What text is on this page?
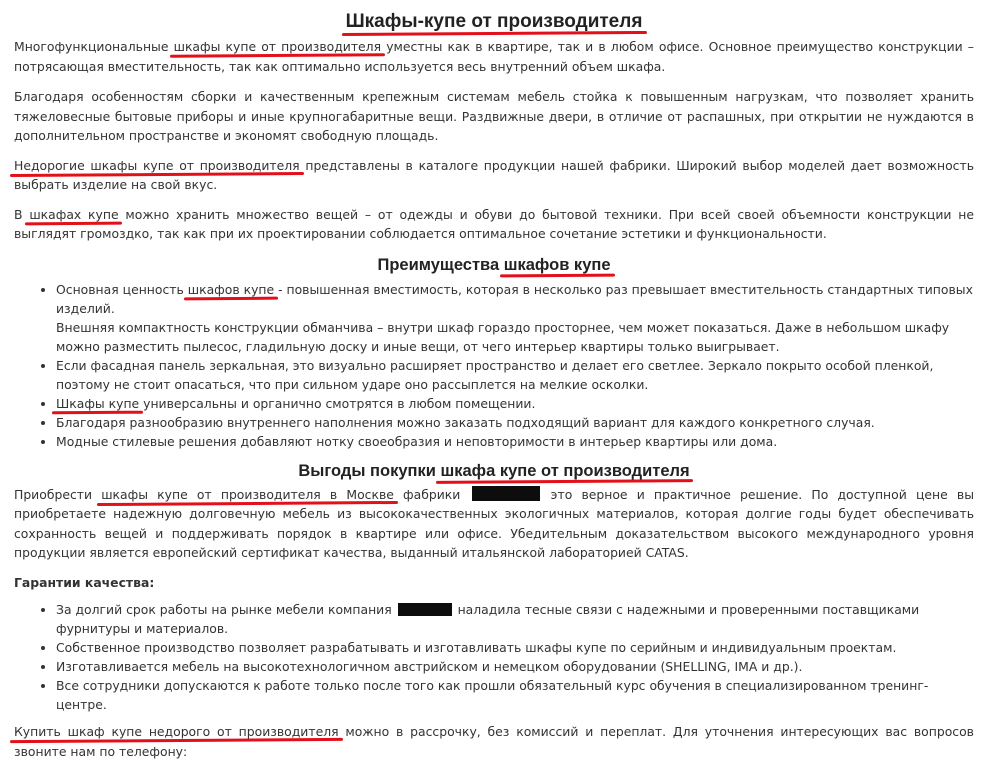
Шкафы-купе от производителя

Многофункциональные шкафы купе от производителя уместны как в квартире, так и в любом офисе. Основное преимущество конструкции – потрясающая вместительность, так как оптимально используется весь внутренний объем шкафа.

Благодаря особенностям сборки и качественным крепежным системам мебель стойка к повышенным нагрузкам, что позволяет хранить тяжеловесные бытовые приборы и иные крупногабаритные вещи. Раздвижные двери, в отличие от распашных, при открытии не нуждаются в дополнительном пространстве и экономят свободную площадь.

Недорогие шкафы купе от производителя представлены в каталоге продукции нашей фабрики. Широкий выбор моделей дает возможность выбрать изделие на свой вкус.

В шкафах купе можно хранить множество вещей – от одежды и обуви до бытовой техники. При всей своей объемности конструкции не выглядят громоздко, так как при их проектировании соблюдается оптимальное сочетание эстетики и функциональности.

Преимущества шкафов купе
• Основная ценность шкафов купе - повышенная вместимость, которая в несколько раз превышает вместительность стандартных типовых изделий.
Внешняя компактность конструкции обманчива – внутри шкаф гораздо просторнее, чем может показаться. Даже в небольшом шкафу можно разместить пылесос, гладильную доску и иные вещи, от чего интерьер квартиры только выигрывает.
• Если фасадная панель зеркальная, это визуально расширяет пространство и делает его светлее. Зеркало покрыто особой пленкой, поэтому не стоит опасаться, что при сильном ударе оно рассыплется на мелкие осколки.
• Шкафы купе универсальны и органично смотрятся в любом помещении.
• Благодаря разнообразию внутреннего наполнения можно заказать подходящий вариант для каждого конкретного случая.
• Модные стилевые решения добавляют нотку своеобразия и неповторимости в интерьер квартиры или дома.
Выгоды покупки шкафа купе от производителя

Приобрести шкафы купе от производителя в Москве фабрики	это верное и практичное решение. По доступной цене вы приобретаете надежную долговечную мебель из высококачественных экологичных материалов, которая долгие годы будет обеспечивать сохранность вещей и поддерживать порядок в квартире или офисе. Убедительным доказательством высокого международного уровня продукции является европейский сертификат качества, выданный итальянской лабораторией CATAS.

Гарантии качества:

• За долгий срок работы на рынке мебели компания	наладила тесные связи с надежными и проверенными поставщиками фурнитуры и материалов.
• Собственное производство позволяет разрабатывать и изготавливать шкафы купе по серийным и индивидуальным проектам.
• Изготавливается мебель на высокотехнологичном австрийском и немецком оборудовании (SHELLING, IMA и др.).
• Все сотрудники допускаются к работе только после того как прошли обязательный курс обучения в специализированном тренинг-центре.

Купить шкаф купе недорого от производителя можно в рассрочку, без комиссий и переплат. Для уточнения интересующих вас вопросов звоните нам по телефону:
